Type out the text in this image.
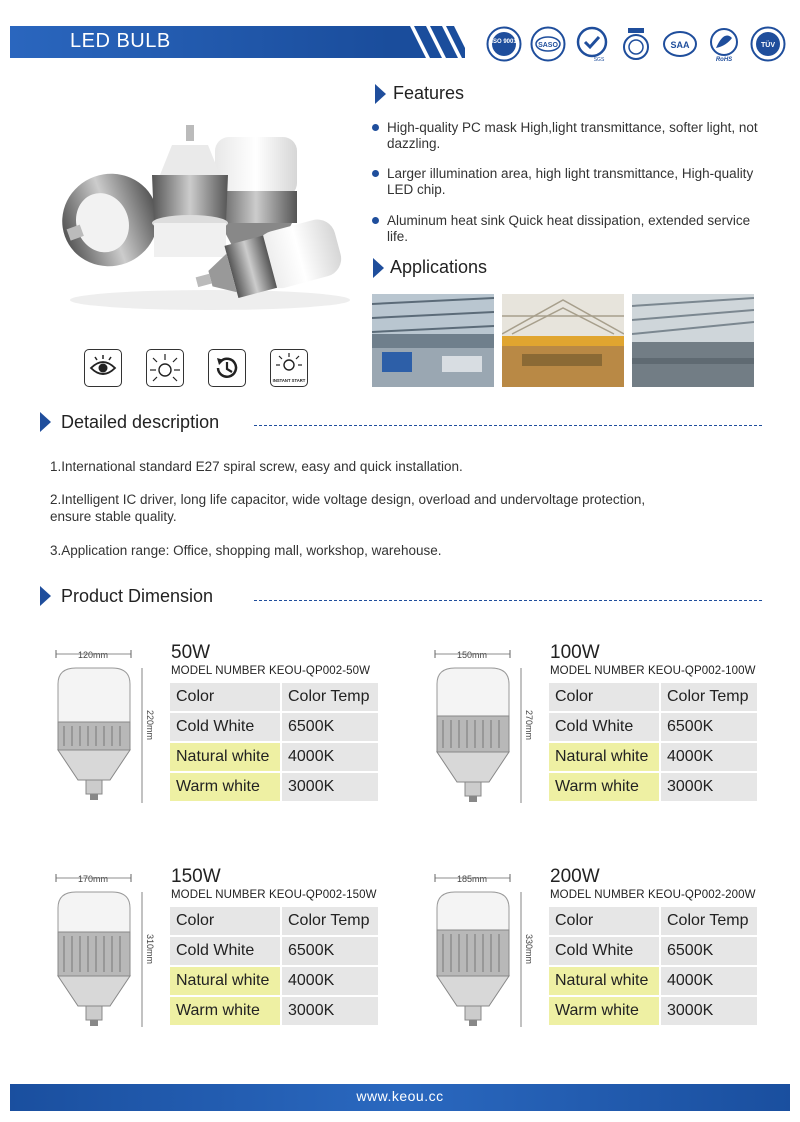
LED BULB	ISO 9001	SASO
SGS
SAA
RoHS
TÜV
INSTANT START
Features
High-quality PC mask High,light transmittance, softer light, not dazzling.
Larger illumination area, high light transmittance, High-quality LED chip.
Aluminum heat sink Quick heat dissipation, extended service life.
Applications
Detailed description
1.International standard E27 spiral screw, easy and quick installation.
2.Intelligent IC driver, long life capacitor, wide voltage design, overload and undervoltage protection, ensure stable quality.
3.Application range: Office, shopping mall, workshop, warehouse.
Product Dimension
120mm
220mm
50W
MODEL NUMBER KEOU-QP002-50W
Color	Color Temp
Cold White	6500K
Natural white	4000K
Warm white	3000K
150mm
270mm
100W
MODEL NUMBER KEOU-QP002-100W
Color	Color Temp
Cold White	6500K
Natural white	4000K
Warm white	3000K
170mm
310mm
150W
MODEL NUMBER KEOU-QP002-150W
Color	Color Temp
Cold White	6500K
Natural white	4000K
Warm white	3000K
185mm
330mm
200W
MODEL NUMBER KEOU-QP002-200W
Color	Color Temp
Cold White	6500K
Natural white	4000K
Warm white	3000K
www.keou.cc
